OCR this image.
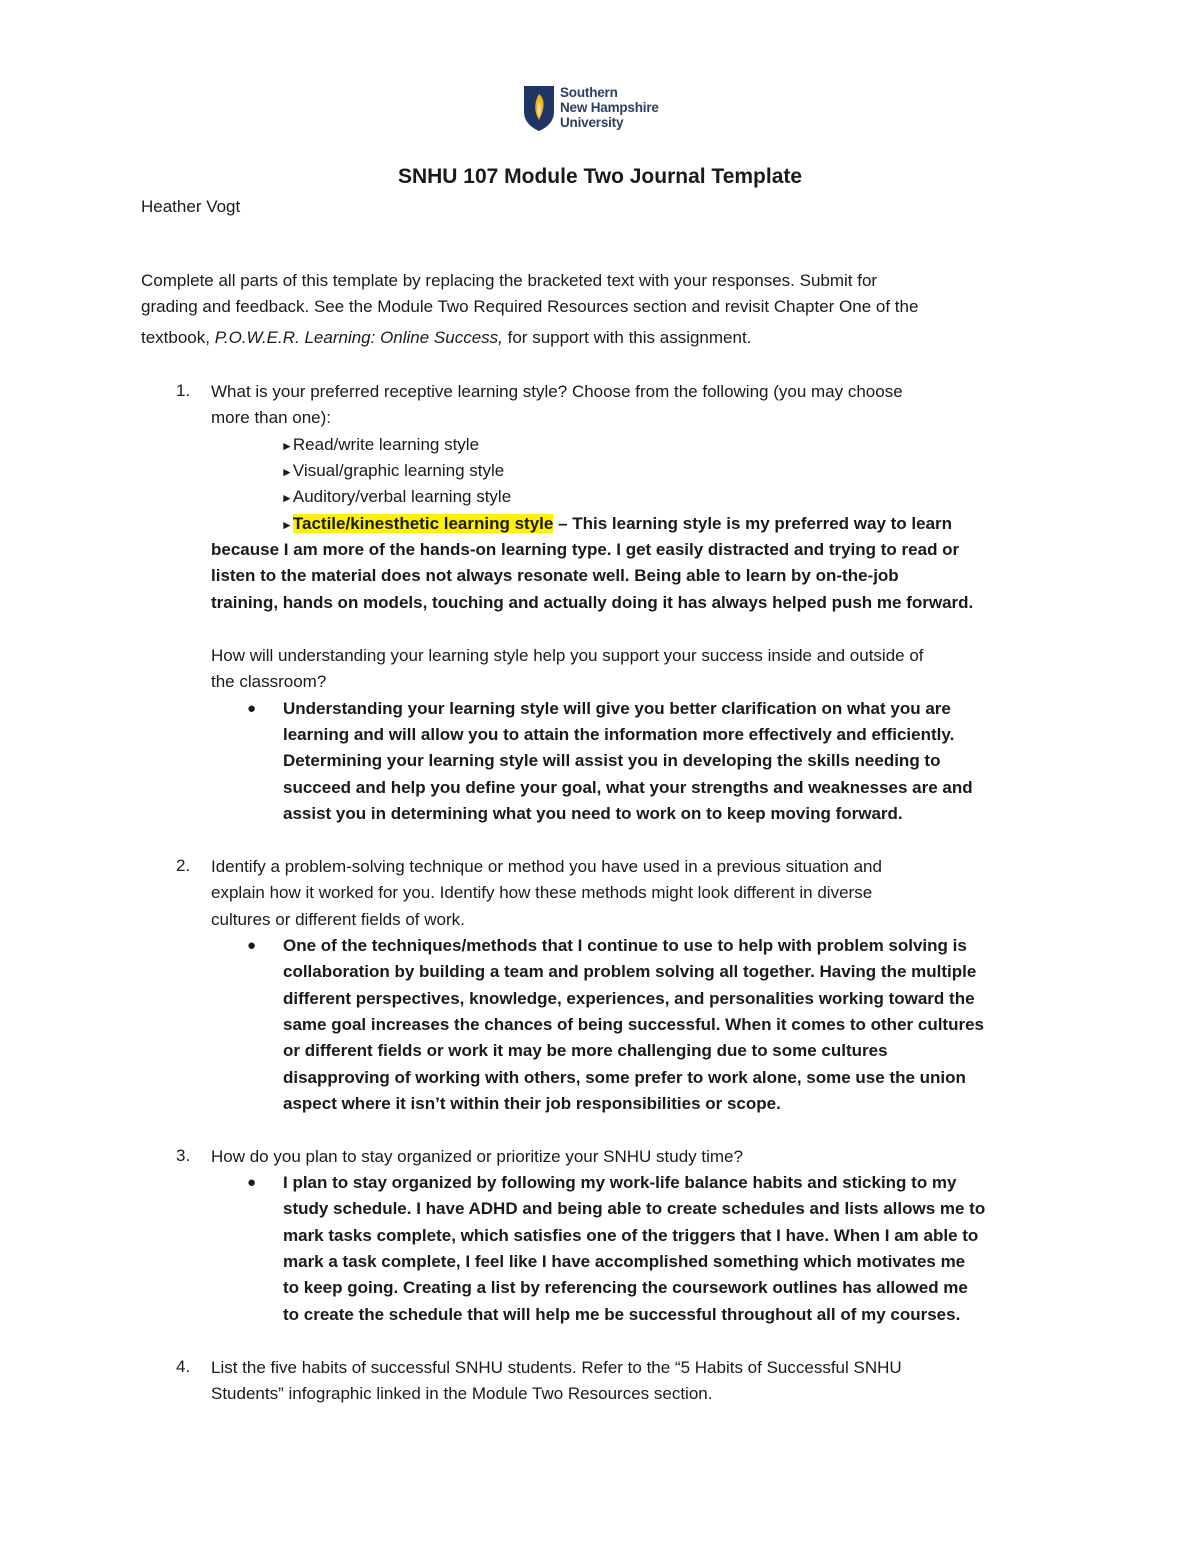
Southern
New Hampshire
University
SNHU 107 Module Two Journal Template
Heather Vogt
Complete all parts of this template by replacing the bracketed text with your responses. Submit for
grading and feedback. See the Module Two Required Resources section and revisit Chapter One of the
textbook, P.O.W.E.R. Learning: Online Success, for support with this assignment.
1. What is your preferred receptive learning style? Choose from the following (you may choose
more than one):
►Read/write learning style
►Visual/graphic learning style
►Auditory/verbal learning style
►Tactile/kinesthetic learning style – This learning style is my preferred way to learn
because I am more of the hands-on learning type. I get easily distracted and trying to read or
listen to the material does not always resonate well. Being able to learn by on-the-job
training, hands on models, touching and actually doing it has always helped push me forward.
How will understanding your learning style help you support your success inside and outside of
the classroom?
● Understanding your learning style will give you better clarification on what you are
learning and will allow you to attain the information more effectively and efficiently.
Determining your learning style will assist you in developing the skills needing to
succeed and help you define your goal, what your strengths and weaknesses are and
assist you in determining what you need to work on to keep moving forward.
2. Identify a problem-solving technique or method you have used in a previous situation and
explain how it worked for you. Identify how these methods might look different in diverse
cultures or different fields of work.
● One of the techniques/methods that I continue to use to help with problem solving is
collaboration by building a team and problem solving all together. Having the multiple
different perspectives, knowledge, experiences, and personalities working toward the
same goal increases the chances of being successful. When it comes to other cultures
or different fields or work it may be more challenging due to some cultures
disapproving of working with others, some prefer to work alone, some use the union
aspect where it isn’t within their job responsibilities or scope.
3. How do you plan to stay organized or prioritize your SNHU study time?
● I plan to stay organized by following my work-life balance habits and sticking to my
study schedule. I have ADHD and being able to create schedules and lists allows me to
mark tasks complete, which satisfies one of the triggers that I have. When I am able to
mark a task complete, I feel like I have accomplished something which motivates me
to keep going. Creating a list by referencing the coursework outlines has allowed me
to create the schedule that will help me be successful throughout all of my courses.
4. List the five habits of successful SNHU students. Refer to the “5 Habits of Successful SNHU
Students” infographic linked in the Module Two Resources section.
